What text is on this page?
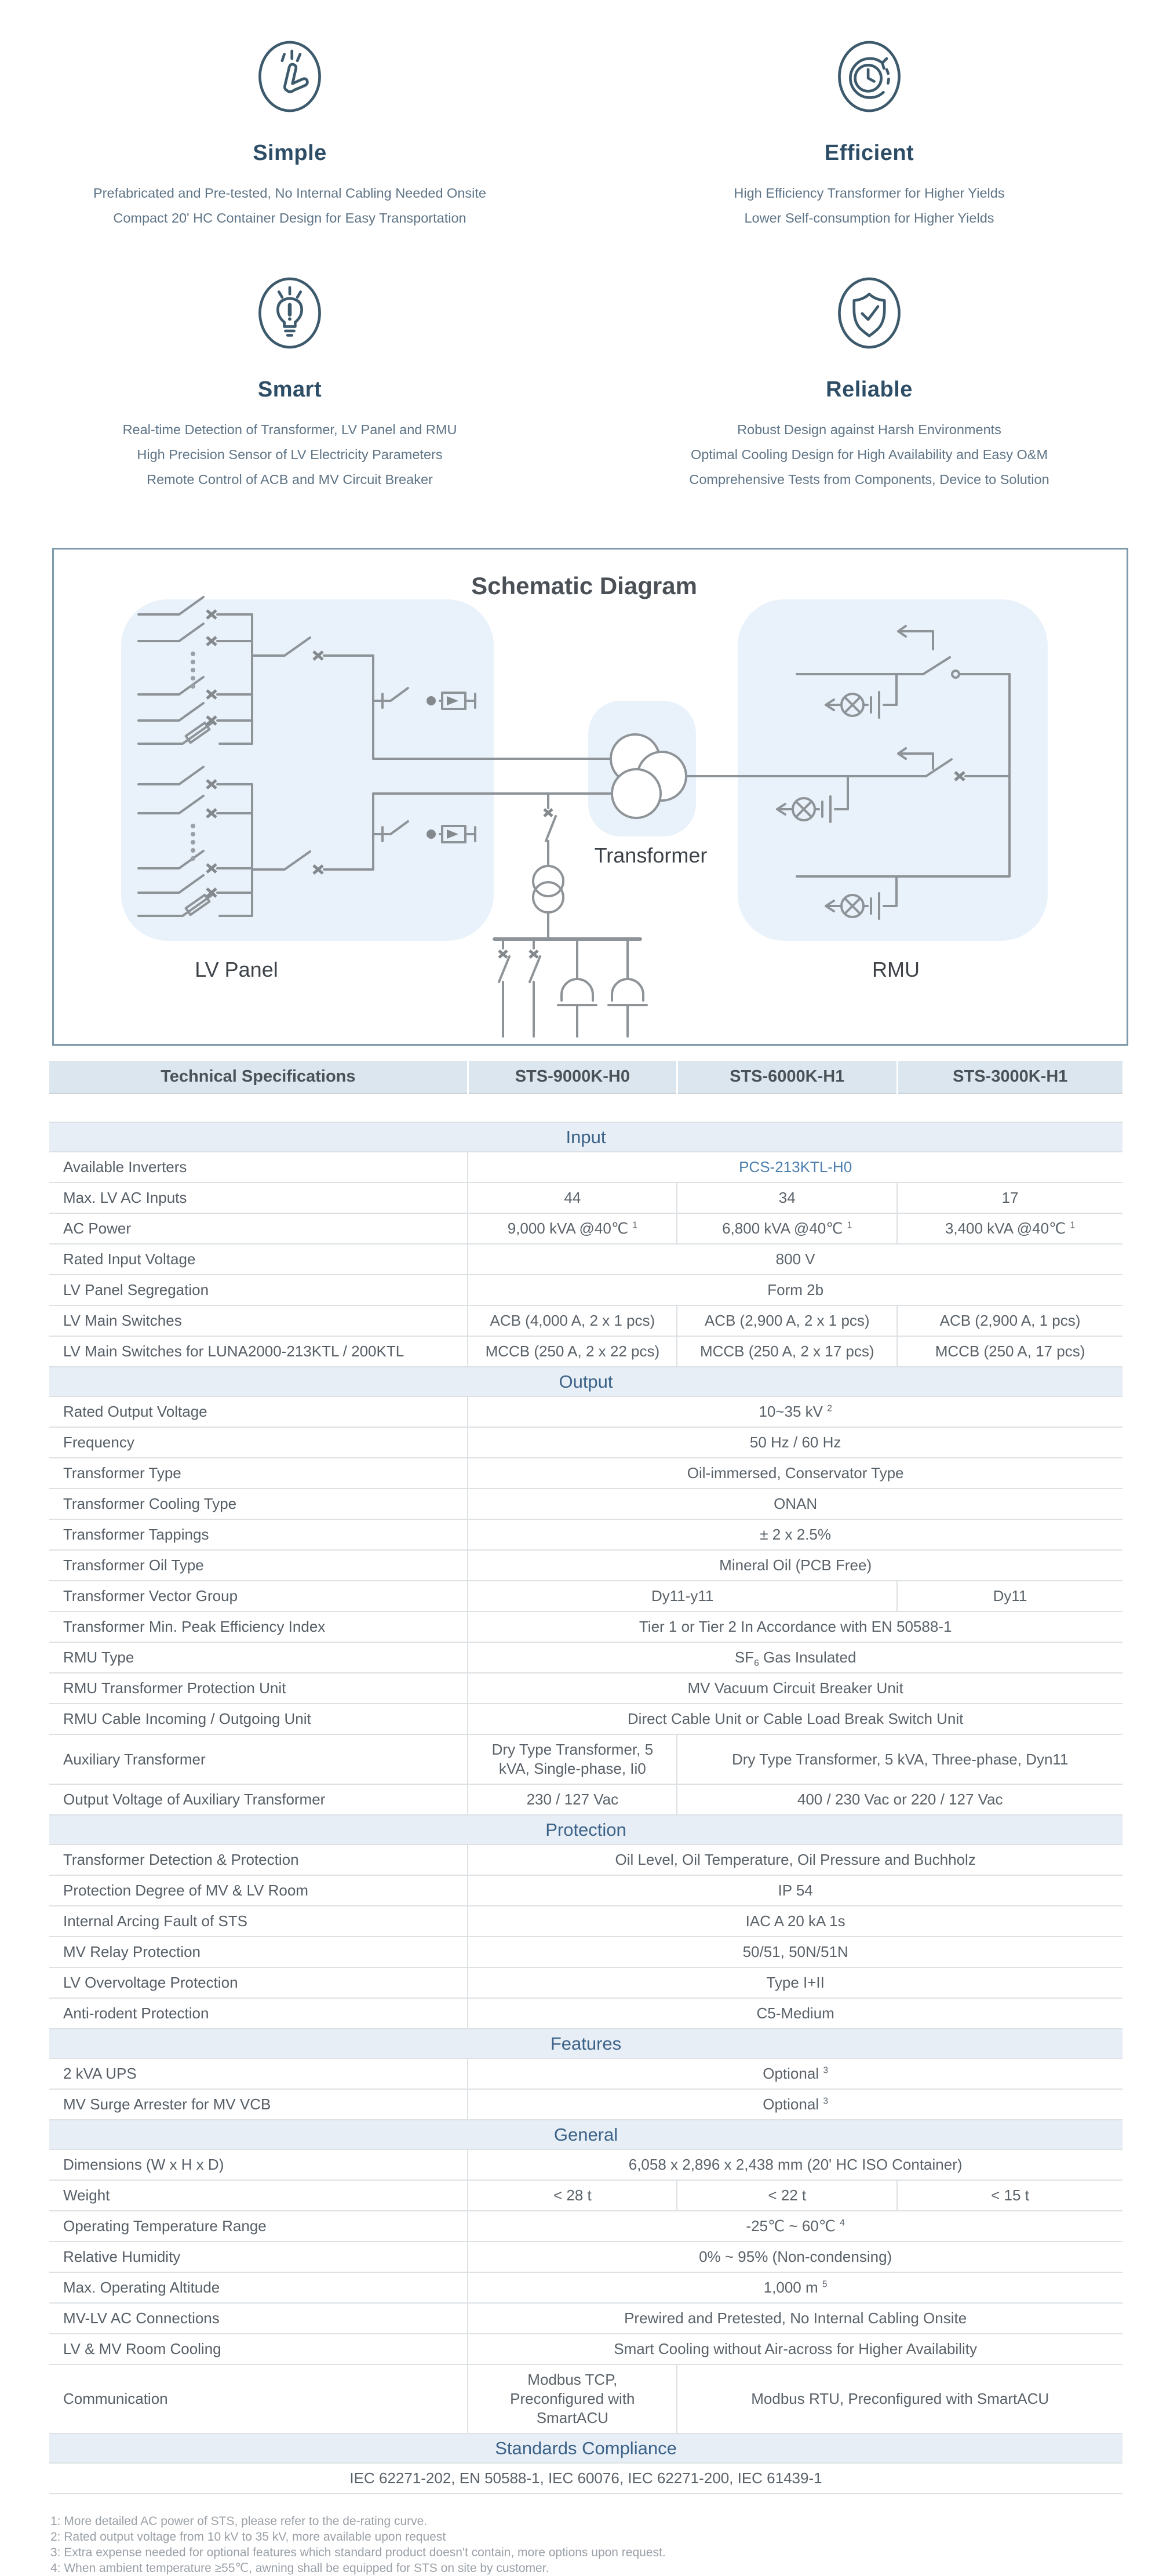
Simple
Prefabricated and Pre-tested, No Internal Cabling Needed Onsite
Compact 20' HC Container Design for Easy Transportation
Efficient
High Efficiency Transformer for Higher Yields
Lower Self-consumption for Higher Yields
Smart
Real-time Detection of Transformer, LV Panel and RMU
High Precision Sensor of LV Electricity Parameters
Remote Control of ACB and MV Circuit Breaker
Reliable
Robust Design against Harsh Environments
Optimal Cooling Design for High Availability and Easy O&M
Comprehensive Tests from Components, Device to Solution
Schematic Diagram
LV Panel
Transformer
RMU
Technical Specifications	STS-9000K-H0	STS-6000K-H1	STS-3000K-H1

Input			
Available Inverters	PCS-213KTL-H0		
Max. LV AC Inputs	44	34	17
AC Power	9,000 kVA @40℃ $^1$	6,800 kVA @40℃ $^1$	3,400 kVA @40℃ $^1$
Rated Input Voltage	800 V		
LV Panel Segregation	Form 2b		
LV Main Switches	ACB (4,000 A, 2 x 1 pcs)	ACB (2,900 A, 2 x 1 pcs)	ACB (2,900 A, 1 pcs)
LV Main Switches for LUNA2000-213KTL / 200KTL	MCCB (250 A, 2 x 22 pcs)	MCCB (250 A, 2 x 17 pcs)	MCCB (250 A, 17 pcs)
Output			
Rated Output Voltage	10~35 kV $^2$
Frequency	50 Hz / 60 Hz		
Transformer Type	Oil-immersed, Conservator Type		
Transformer Cooling Type	ONAN		
Transformer Tappings	± 2 x 2.5%		
Transformer Oil Type	Mineral Oil (PCB Free)		
Transformer Vector Group	Dy11-y11		Dy11
Transformer Min. Peak Efficiency Index	Tier 1 or Tier 2 In Accordance with EN 50588-1		
RMU Type	$SF_6$ Gas Insulated		
RMU Transformer Protection Unit	MV Vacuum Circuit Breaker Unit		
RMU Cable Incoming / Outgoing Unit	Direct Cable Unit or Cable Load Break Switch Unit		
Auxiliary Transformer	Dry Type Transformer, 5 kVA, Single-phase, Ii0	Dry Type Transformer, 5 kVA, Three-phase, Dyn11	
Output Voltage of Auxiliary Transformer	230 / 127 Vac	400 / 230 Vac or 220 / 127 Vac	
Protection			
Transformer Detection & Protection	Oil Level, Oil Temperature, Oil Pressure and Buchholz		
Protection Degree of MV & LV Room	IP 54		
Internal Arcing Fault of STS	IAC A 20 kA 1s		
MV Relay Protection	50/51, 50N/51N		
LV Overvoltage Protection	Type I+II		
Anti-rodent Protection	C5-Medium		
Features			
2 kVA UPS	Optional $^3$
MV Surge Arrester for MV VCB	Optional $^3$
General			
Dimensions (W x H x D)	6,058 x 2,896 x 2,438 mm (20' HC ISO Container)		
Weight	< 28 t	< 22 t	< 15 t
Operating Temperature Range	-25℃ ~ 60℃ $^4$
Relative Humidity	0% ~ 95% (Non-condensing)		
Max. Operating Altitude	1,000 m $^5$
MV-LV AC Connections	Prewired and Pretested, No Internal Cabling Onsite		
LV & MV Room Cooling	Smart Cooling without Air-across for Higher Availability		
Communication	Modbus TCP, Preconfigured with SmartACU	Modbus RTU, Preconfigured with SmartACU	
Standards Compliance			
IEC 62271-202, EN 50588-1, IEC 60076, IEC 62271-200, IEC 61439-1			
1: More detailed AC power of STS, please refer to the de-rating curve.
2: Rated output voltage from 10 kV to 35 kV, more available upon request
3: Extra expense needed for optional features which standard product doesn't contain, more options upon request.
4: When ambient temperature ≥55℃, awning shall be equipped for STS on site by customer.
